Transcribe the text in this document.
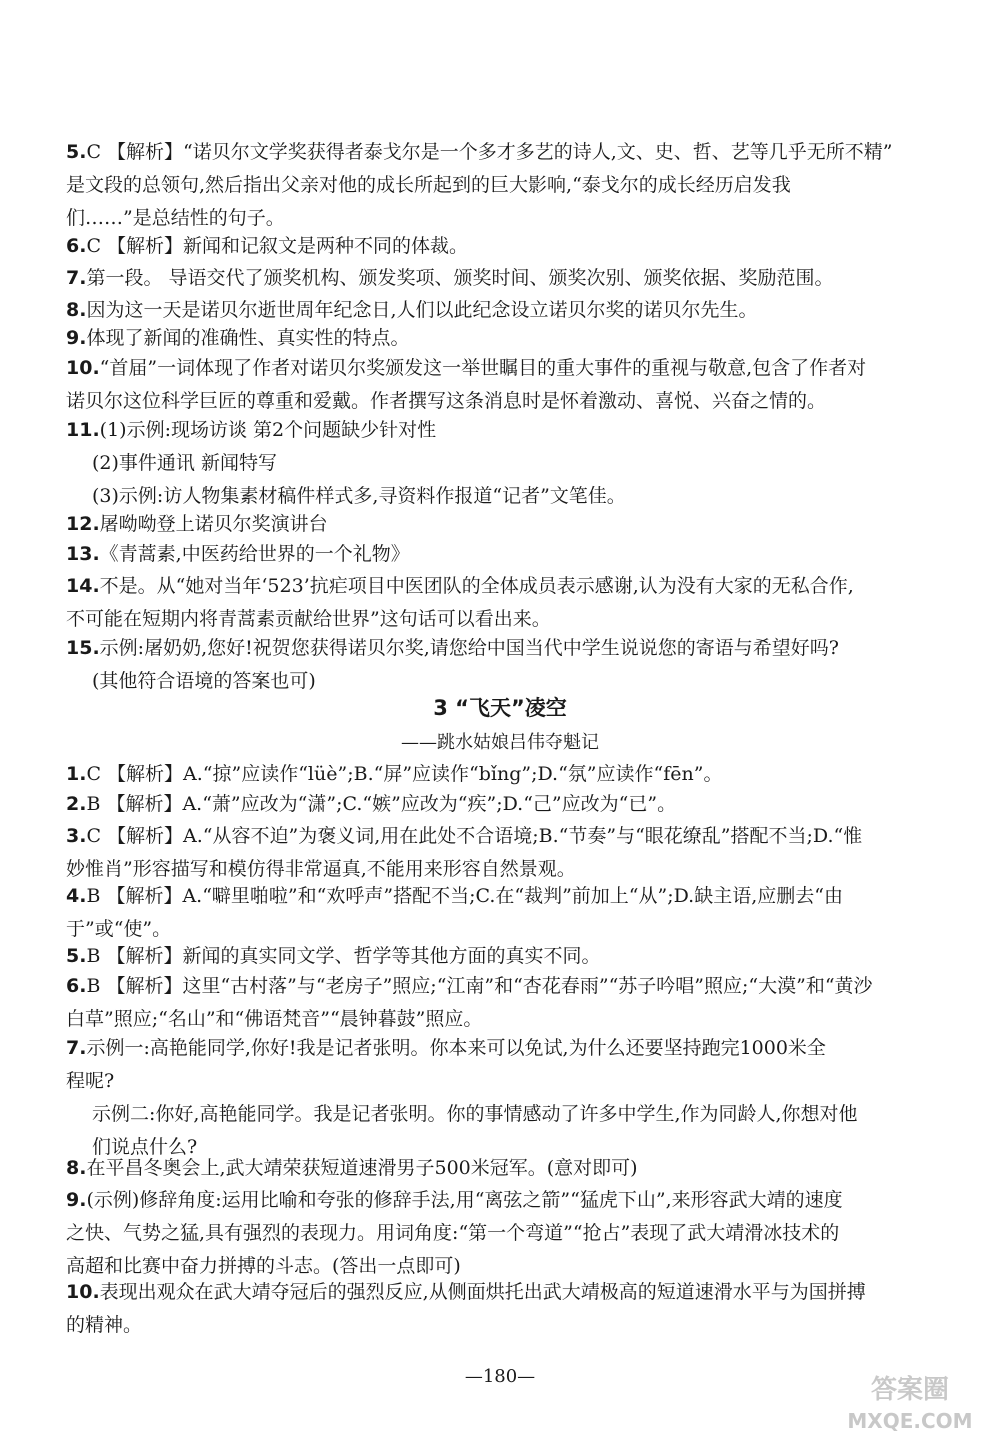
5.C 【解析】“诺贝尔文学奖获得者泰戈尔是一个多才多艺的诗人,文、史、哲、艺等几乎无所不精”
是文段的总领句,然后指出父亲对他的成长所起到的巨大影响,“泰戈尔的成长经历启发我
们……”是总结性的句子。
6.C 【解析】新闻和记叙文是两种不同的体裁。
7.第一段。 导语交代了颁奖机构、颁发奖项、颁奖时间、颁奖次别、颁奖依据、奖励范围。
8.因为这一天是诺贝尔逝世周年纪念日,人们以此纪念设立诺贝尔奖的诺贝尔先生。
9.体现了新闻的准确性、真实性的特点。
10.“首届”一词体现了作者对诺贝尔奖颁发这一举世瞩目的重大事件的重视与敬意,包含了作者对
诺贝尔这位科学巨匠的尊重和爱戴。作者撰写这条消息时是怀着激动、喜悦、兴奋之情的。
11.(1)示例:现场访谈 第2个问题缺少针对性
(2)事件通讯 新闻特写
(3)示例:访人物集素材稿件样式多,寻资料作报道“记者”文笔佳。
12.屠呦呦登上诺贝尔奖演讲台
13.《青蒿素,中医药给世界的一个礼物》
14.不是。从“她对当年‘523’抗疟项目中医团队的全体成员表示感谢,认为没有大家的无私合作,
不可能在短期内将青蒿素贡献给世界”这句话可以看出来。
15.示例:屠奶奶,您好!祝贺您获得诺贝尔奖,请您给中国当代中学生说说您的寄语与希望好吗?
(其他符合语境的答案也可)
1.C 【解析】A.“掠”应读作“lüè”;B.“屏”应读作“bǐng”;D.“氛”应读作“fēn”。
2.B 【解析】A.“萧”应改为“潇”;C.“嫉”应改为“疾”;D.“己”应改为“已”。
3.C 【解析】A.“从容不迫”为褒义词,用在此处不合语境;B.“节奏”与“眼花缭乱”搭配不当;D.“惟
妙惟肖”形容描写和模仿得非常逼真,不能用来形容自然景观。
4.B 【解析】A.“噼里啪啦”和“欢呼声”搭配不当;C.在“裁判”前加上“从”;D.缺主语,应删去“由
于”或“使”。
5.B 【解析】新闻的真实同文学、哲学等其他方面的真实不同。
6.B 【解析】这里“古村落”与“老房子”照应;“江南”和“杏花春雨”“苏子吟唱”照应;“大漠”和“黄沙
白草”照应;“名山”和“佛语梵音”“晨钟暮鼓”照应。
7.示例一:高艳能同学,你好!我是记者张明。你本来可以免试,为什么还要坚持跑完1000米全
程呢?
示例二:你好,高艳能同学。我是记者张明。你的事情感动了许多中学生,作为同龄人,你想对他
们说点什么?
8.在平昌冬奥会上,武大靖荣获短道速滑男子500米冠军。(意对即可)
9.(示例)修辞角度:运用比喻和夸张的修辞手法,用“离弦之箭”“猛虎下山”,来形容武大靖的速度
之快、气势之猛,具有强烈的表现力。用词角度:“第一个弯道”“抢占”表现了武大靖滑冰技术的
高超和比赛中奋力拼搏的斗志。(答出一点即可)
10.表现出观众在武大靖夺冠后的强烈反应,从侧面烘托出武大靖极高的短道速滑水平与为国拼搏
的精神。
3 “飞天”凌空
——跳水姑娘吕伟夺魁记
—180—	答案圈
MXQE.COM
